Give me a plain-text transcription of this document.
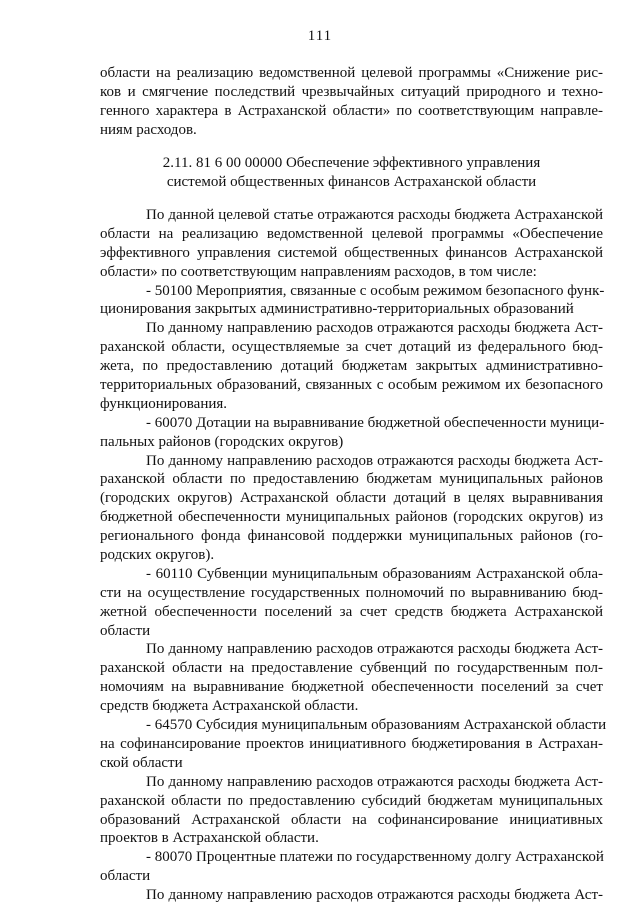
111
области на реализацию ведомственной целевой программы «Снижение рис-
ков и смягчение последствий чрезвычайных ситуаций природного и техно-
генного характера в Астраханской области» по соответствующим направле-
ниям расходов.
2.11. 81 6 00 00000 Обеспечение эффективного управления
системой общественных финансов Астраханской области
По данной целевой статье отражаются расходы бюджета Астраханской
области на реализацию ведомственной целевой программы «Обеспечение
эффективного управления системой общественных финансов Астраханской
области» по соответствующим направлениям расходов, в том числе:
- 50100 Мероприятия, связанные с особым режимом безопасного функ-
ционирования закрытых административно-территориальных образований
По данному направлению расходов отражаются расходы бюджета Аст-
раханской области, осуществляемые за счет дотаций из федерального бюд-
жета, по предоставлению дотаций бюджетам закрытых административно-
территориальных образований, связанных с особым режимом их безопасного
функционирования.
- 60070 Дотации на выравнивание бюджетной обеспеченности муници-
пальных районов (городских округов)
По данному направлению расходов отражаются расходы бюджета Аст-
раханской области по предоставлению бюджетам муниципальных районов
(городских округов) Астраханской области дотаций в целях выравнивания
бюджетной обеспеченности муниципальных районов (городских округов) из
регионального фонда финансовой поддержки муниципальных районов (го-
родских округов).
- 60110 Субвенции муниципальным образованиям Астраханской обла-
сти на осуществление государственных полномочий по выравниванию бюд-
жетной обеспеченности поселений за счет средств бюджета Астраханской
области
По данному направлению расходов отражаются расходы бюджета Аст-
раханской области на предоставление субвенций по государственным пол-
номочиям на выравнивание бюджетной обеспеченности поселений за счет
средств бюджета Астраханской области.
- 64570 Субсидия муниципальным образованиям Астраханской области
на софинансирование проектов инициативного бюджетирования в Астрахан-
ской области
По данному направлению расходов отражаются расходы бюджета Аст-
раханской области по предоставлению субсидий бюджетам муниципальных
образований Астраханской области на софинансирование инициативных
проектов в Астраханской области.
- 80070 Процентные платежи по государственному долгу Астраханской
области
По данному направлению расходов отражаются расходы бюджета Аст-
